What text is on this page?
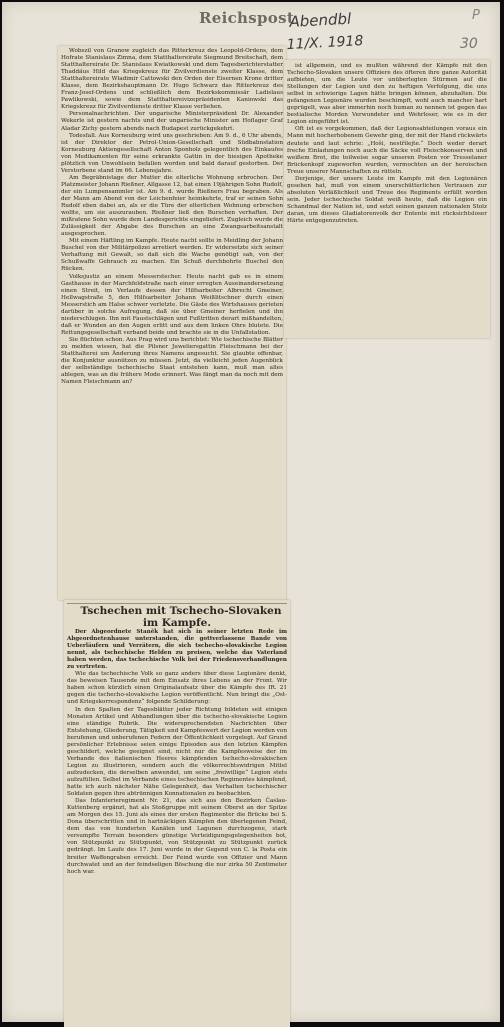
Reichspost
Abendbl
11/X. 1918
P
30

Wobszil von Granow zugleich das Ritterkreuz des Leopold-Ordens, dem Hofrate Stanislaus Zimna, dem Statthaltereirate Siegmund Breitschaft, dem Statthaltereirate Dr. Stanislaus Kwiatkowski und dem Tagesberichterstatter Thaddäus Hild das Kriegskreuz für Zivilverdienste zweiter Klasse, dem Statthaltereirate Wladimir Cattowski den Orden der Eisernen Krone dritter Klasse, dem Bezirkshauptmann Dr. Hugo Schwarz das Ritterkreuz des Franz-Josef-Ordens und schließlich dem Bezirkskommissär Ladislaus Pawlikowski, sowie dem Statthaltereivizepräsidenten Kaniowski das Kriegskreuz für Zivilverdienste dritter Klasse verliehen.

Personalnachrichten. Der ungarische Ministerpräsident Dr. Alexander Wekerle ist gestern nachts und der ungarische Minister am Hoflager Graf Aladar Zichy gestern abends nach Budapest zurückgekehrt.

Todesfall. Aus Korneuburg wird uns geschrieben: Am 9. d., 6 Uhr abends, ist der Direktor der Petrol-Union-Gesellschaft und Südbahnstation Korneuburg Aktiengesellschaft Anton Sponholz gelegentlich des Einkaufes von Medikamenten für seine erkrankte Gattin in der hiesigen Apotheke plötzlich von Unwohlsein befallen worden und bald darauf gestorben. Der Verstorbene stand im 66. Lebensjahre.

Am Begräbnistage der Mutter die elterliche Wohnung erbrochen. Der Platzmeister Johann Rießner, Allgasse 12, hat einen 19jährigen Sohn Rudolf, der ein Lumpensammler ist. Am 9. d. wurde Rießners Frau begraben. Als der Mann am Abend von der Leichenfeier heimkehrte, traf er seinen Sohn Rudolf eben dabei an, als er die Türe der elterlichen Wohnung erbrochen wollte, um sie auszurauben. Rießner ließ den Burschen verhaften. Der mißratene Sohn wurde dem Landesgerichte eingeliefert. Zugleich wurde die Zulässigkeit der Abgabe des Burschen an eine Zwangsarbeitsanstalt ausgesprochen.

Mit einem Häftling im Kampfe. Heute nacht sollte in Meidling der Johann Buschel von der Militärpolizei arretiert werden. Er widersetzte sich seiner Verhaftung mit Gewalt, so daß sich die Wache genötigt sah, von der Schußwaffe Gebrauch zu machen. Ein Schuß durchbohrte Buschel den Rücken.

Volksjustiz an einem Messerstecher. Heute nacht gab es in einem Gasthause in der Marchfeldstraße nach einer erregten Auseinandersetzung einen Streit, im Verlaufe dessen der Hilfsarbeiter Albrecht Gmeiner, Hellwagstraße 5, den Hilfsarbeiter Johann Weißlitschner durch einen Messerstich am Halse schwer verletzte. Die Gäste des Wirtshauses gerieten darüber in solche Aufregung, daß sie über Gmeiner herfielen und ihn niederschlugen. Ihn mit Faustschlägen und Fußtritten derart mißhandelten, daß er Wunden an den Augen erlitt und aus dem linken Ohre blutete. Die Rettungsgesellschaft verband beide und brachte sie in die Unfallstation.

Sie flüchten schon. Aus Prag wird uns berichtet: Wie tschechische Blätter zu melden wissen, hat die Pilsner Juweliersgattin Fleischmann bei der Statthalterei um Änderung ihres Namens angesucht. Sie glaubte offenbar, die Konjunktur ausnützen zu müssen. Jetzt, da vielleicht jeden Augenblick der selbständige tschechische Staat entstehen kann, muß man alles ablegen, was an die frühere Mode erinnert. Was fängt man da noch mit dem Namen Fleischmann an?

ist allgemein, und es mußten während der Kämpfe mit den Tschecho-Slovaken unsere Offiziere des öfteren ihre ganze Autorität aufbieten, um die Leute vor unüberlegten Stürmen auf die Stellungen der Legion und den zu heftigen Verfolgung, die uns selbst in schwierige Lagen hätte bringen können, abzuhalten. Die gefangenen Legionäre wurden beschimpft, wohl auch mancher hart geprügelt, was aber immerhin noch human zu nennen ist gegen das bestialische Morden Verwundeter und Wehrloser, wie es in der Legion eingeführt ist.

Oft ist es vorgekommen, daß der Legionsabteilungen voraus ein Mann mit hocherhobenem Gewehr ging, der mit der Hand rückwärts deutete und laut schrie: „Hoši, nestřílejte.“ Doch weder derart freche Einladungen noch auch die Säcke voll Fleischkonserven und weißem Brot, die teilweise sogar unseren Posten vor Tresselaner Brückenkopf zugeworfen wurden, vermochten an der heroischen Treue unserer Mannschaften zu rütteln.

Derjenige, der unsere Leute im Kampfe mit den Legionären gesehen hat, muß von einem unerschütterlichen Vertrauen zur absoluten Verläßlichkeit und Treue des Regiments erfüllt worden sein. Jeder tschechische Soldat weiß heute, daß die Legion ein Schandmal der Nation ist, und setzt seinen ganzen nationalen Stolz daran, um dieses Gladiatorenvolk der Entente mit rücksichtsloser Härte entgegenzutreten.

Tschechen mit Tschecho-Slovaken im Kampfe.

Der Abgeordnete Staněk hat sich in seiner letzten Rede im Abgeordnetenhause unterstanden, die gottverlassene Bande von Ueberläufern und Verrätern, die sich tschecho-slovakische Legion nennt, als tschechische Helden zu preisen, welche das Vaterland haben werden, das tschechische Volk bei der Friedensverhandlungen zu vertreten.

Wie das tschechische Volk so ganz anders über diese Legionäre denkt, das beweisen Tausende mit dem Einsatz ihres Lebens an der Front. Wir haben schon kürzlich einen Originalaufsatz über die Kämpfe des IR. 21 gegen die tschecho-slovakische Legion veröffentlicht. Nun bringt die „Ost- und Kriegskorrespondenz“ folgende Schilderung:

In den Spalten der Tagesblätter jeder Richtung bildeten seit einigen Monaten Artikel und Abhandlungen über die tschecho-slovakische Legion eine ständige Rubrik. Die widersprechendsten Nachrichten über Entstehung, Gliederung, Tätigkeit und Kampfeswert der Legion werden von berufenen und unberufenen Federn der Öffentlichkeit vorgelegt. Auf Grund persönlicher Erlebnisse seien einige Episoden aus den letzten Kämpfen geschildert, welche geeignet sind, nicht nur die Kampfesweise der im Verbande des italienischen Heeres kämpfenden tschecho-slovakischen Legion zu illustrieren, sondern auch die völkerrechtswidrigen Mittel aufzudecken, die derselben anwendet, um seine „freiwillige“ Legion stets aufzufüllen. Selbst im Verbande eines tschechischen Regimentes kämpfend, hatte ich auch nächster Nähe Gelegenheit, das Verhalten tschechischer Soldaten gegen ihre abtrünnigen Konnationalen zu beobachten.

Das Infanterieregiment Nr. 21, das sich aus den Bezirken Časlau-Kuttenberg ergänzt, hat als Stoßgruppe mit seinem Oberst an der Spitze am Morgen des 15. Juni als eines der ersten Regimenter die Brücke bei S. Dona überschritten und in hartnäckigen Kämpfen den überlegenen Feind, dem das von hunderten Kanälen und Lagunen durchzogene, stark versumpfte Terrain besonders günstige Verteidigungsgelegenheiten bot, von Stützpunkt zu Stützpunkt, von Stützpunkt zu Stützpunkt zurück gedrängt. Im Laufe des 17. Juni wurde in der Gegend von C. la Posta ein breiter Waffengraben erreicht. Der Feind wurde von Offizier und Mann durchwatet und an der feindseligen Böschung die nur zirka 50 Zentimeter hoch war.
